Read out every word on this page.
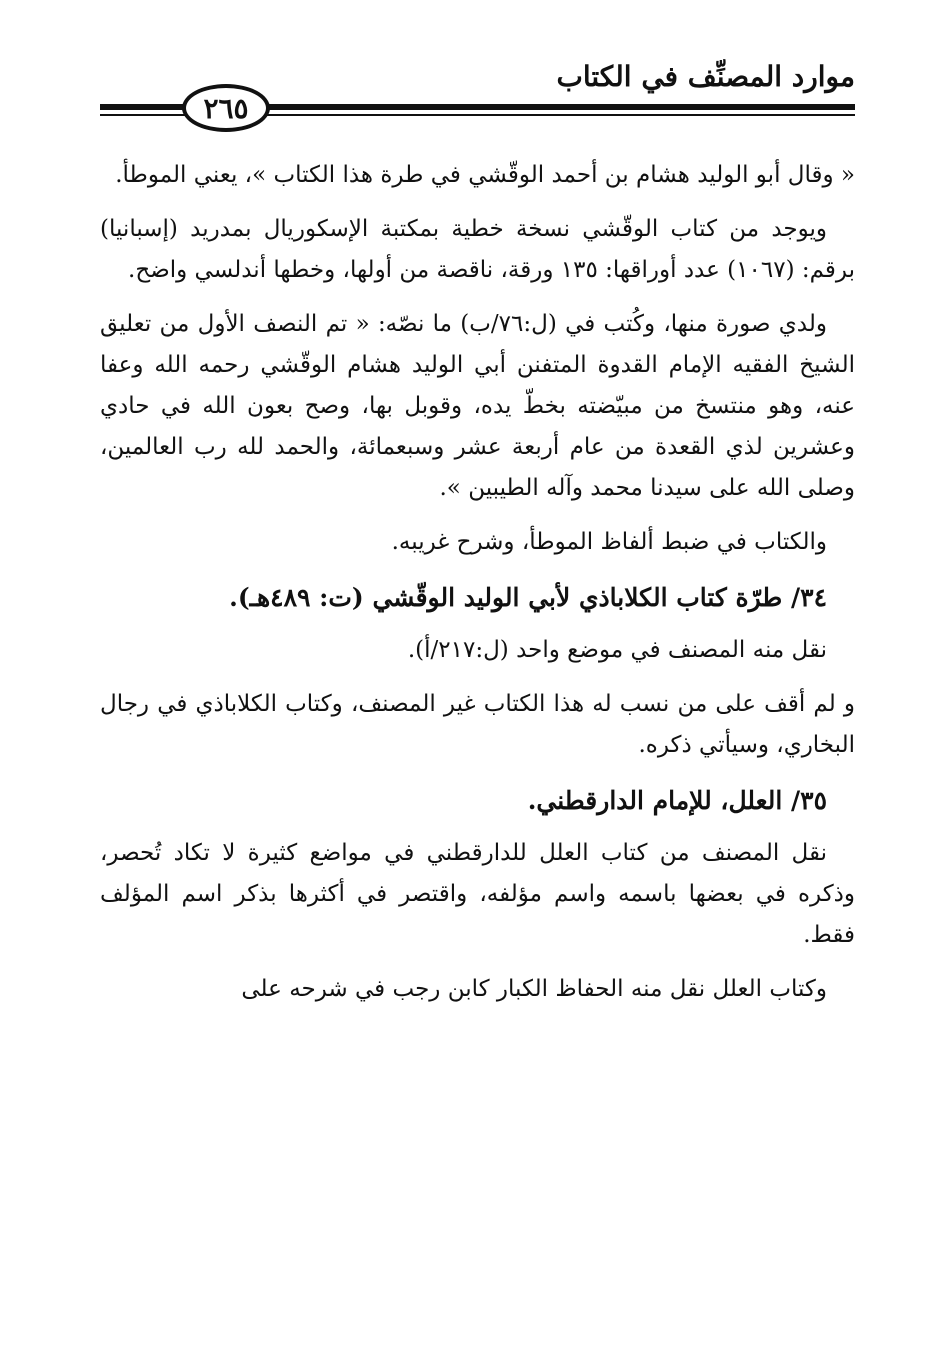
موارد المصنِّف في الكتاب
٢٦٥

« وقال أبو الوليد هشام بن أحمد الوقّشي في طرة هذا الكتاب »، يعني الموطأ.

ويوجد من كتاب الوقّشي نسخة خطية بمكتبة الإسكوريال بمدريد (إسبانيا) برقم: (١٠٦٧) عدد أوراقها: ١٣٥ ورقة، ناقصة من أولها، وخطها أندلسي واضح.

ولدي صورة منها، وكُتب في (ل:٧٦/ب) ما نصّه: « تم النصف الأول من تعليق الشيخ الفقيه الإمام القدوة المتفنن أبي الوليد هشام الوقّشي رحمه الله وعفا عنه، وهو منتسخ من مبيّضته بخطّ يده، وقوبل بها، وصح بعون الله في حادي وعشرين لذي القعدة من عام أربعة عشر وسبعمائة، والحمد لله رب العالمين، وصلى الله على سيدنا محمد وآله الطيبين ».

والكتاب في ضبط ألفاظ الموطأ، وشرح غريبه.

٣٤/ طرّة كتاب الكلاباذي لأبي الوليد الوقّشي (ت: ٤٨٩هـ).

نقل منه المصنف في موضع واحد (ل:٢١٧/أ).

و لم أقف على من نسب له هذا الكتاب غير المصنف، وكتاب الكلاباذي في رجال البخاري، وسيأتي ذكره.

٣٥/ العلل، للإمام الدارقطني.

نقل المصنف من كتاب العلل للدارقطني في مواضع كثيرة لا تكاد تُحصر، وذكره في بعضها باسمه واسم مؤلفه، واقتصر في أكثرها بذكر اسم المؤلف فقط.

وكتاب العلل نقل منه الحفاظ الكبار كابن رجب في شرحه على
